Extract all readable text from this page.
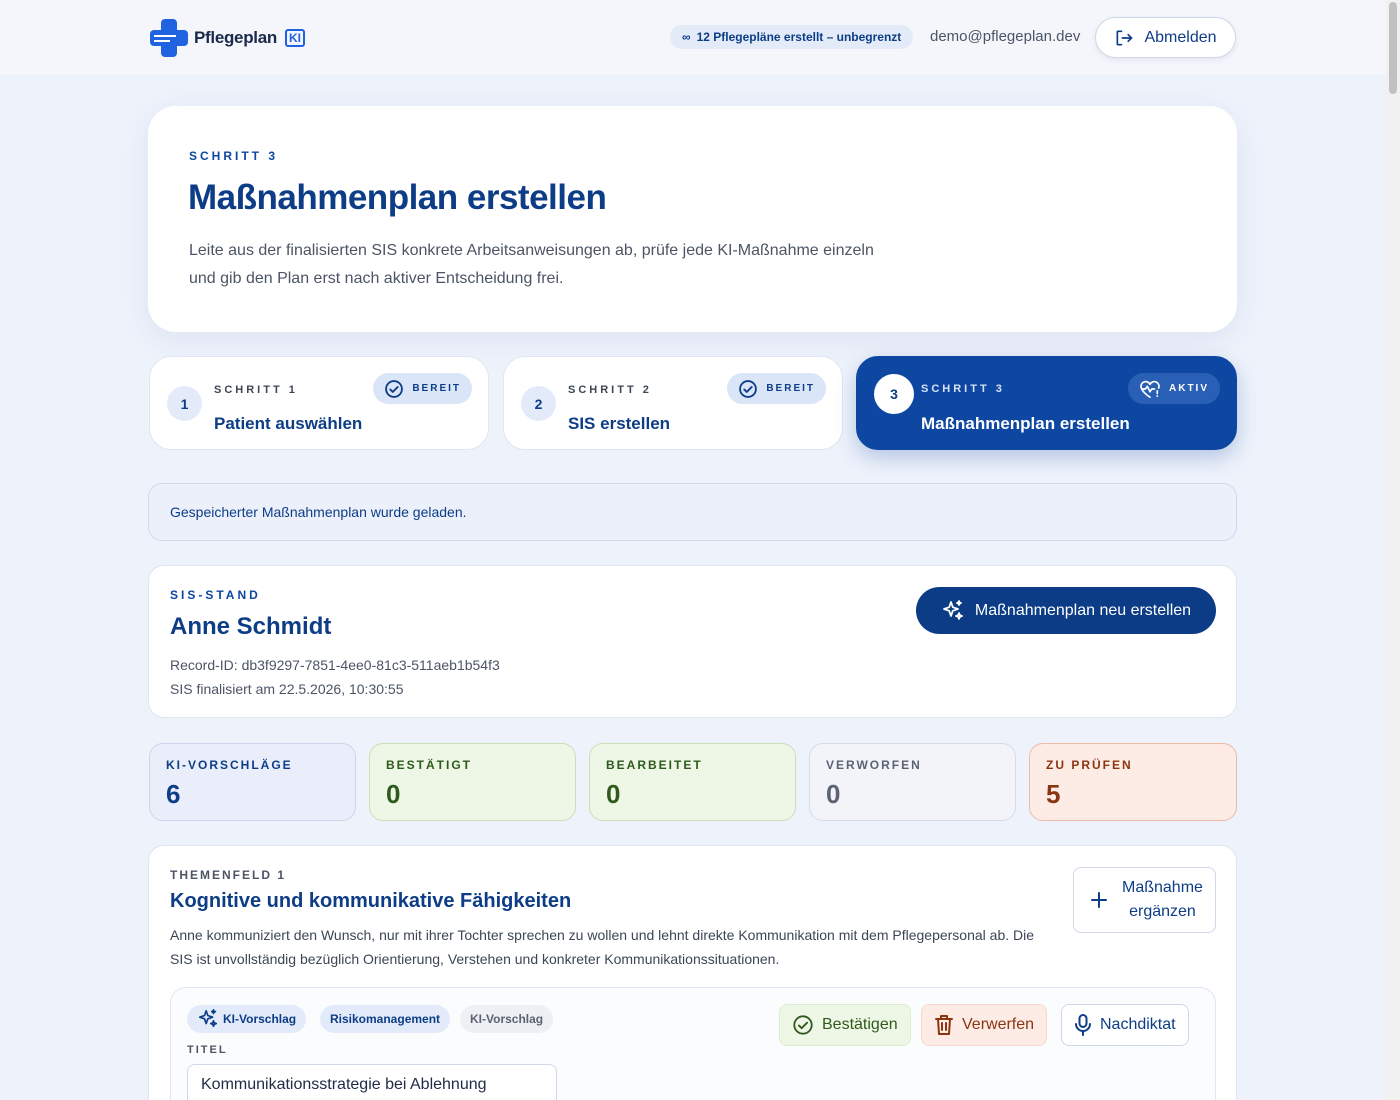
Pflegeplan	KI	∞ 12 Pflegepläne erstellt – unbegrenzt demo@pflegeplan.dev	Abmelden
SCHRITT 3
Maßnahmenplan erstellen

Leite aus der finalisierten SIS konkrete Arbeitsanweisungen ab, prüfe jede KI-Maßnahme einzeln und gib den Plan erst nach aktiver Entscheidung frei.

1
SCHRITT 1
Patient auswählen
BEREIT
2
SCHRITT 2
SIS erstellen
BEREIT	3	SCHRITT 3
Maßnahmenplan erstellen
AKTIV
Gespeicherter Maßnahmenplan wurde geladen.
SIS-STAND
Anne Schmidt
Record-ID: db3f9297-7851-4ee0-81c3-511aeb1b54f3
SIS finalisiert am 22.5.2026, 10:30:55
Maßnahmenplan neu erstellen
KI-VORSCHLÄGE
6
BESTÄTIGT
0
BEARBEITET
0
VERWORFEN
0
ZU PRÜFEN
5
THEMENFELD 1
Kognitive und kommunikative Fähigkeiten
Anne kommuniziert den Wunsch, nur mit ihrer Tochter sprechen zu wollen und lehnt direkte Kommunikation mit dem Pflegepersonal ab. Die SIS ist unvollständig bezüglich Orientierung, Verstehen und konkreter Kommunikationssituationen.
Maßnahme
ergänzen
KI-Vorschlag	Risikomanagement KI-Vorschlag	Bestätigen	Verwerfen	Nachdiktat
TITEL
Kommunikationsstrategie bei Ablehnung
